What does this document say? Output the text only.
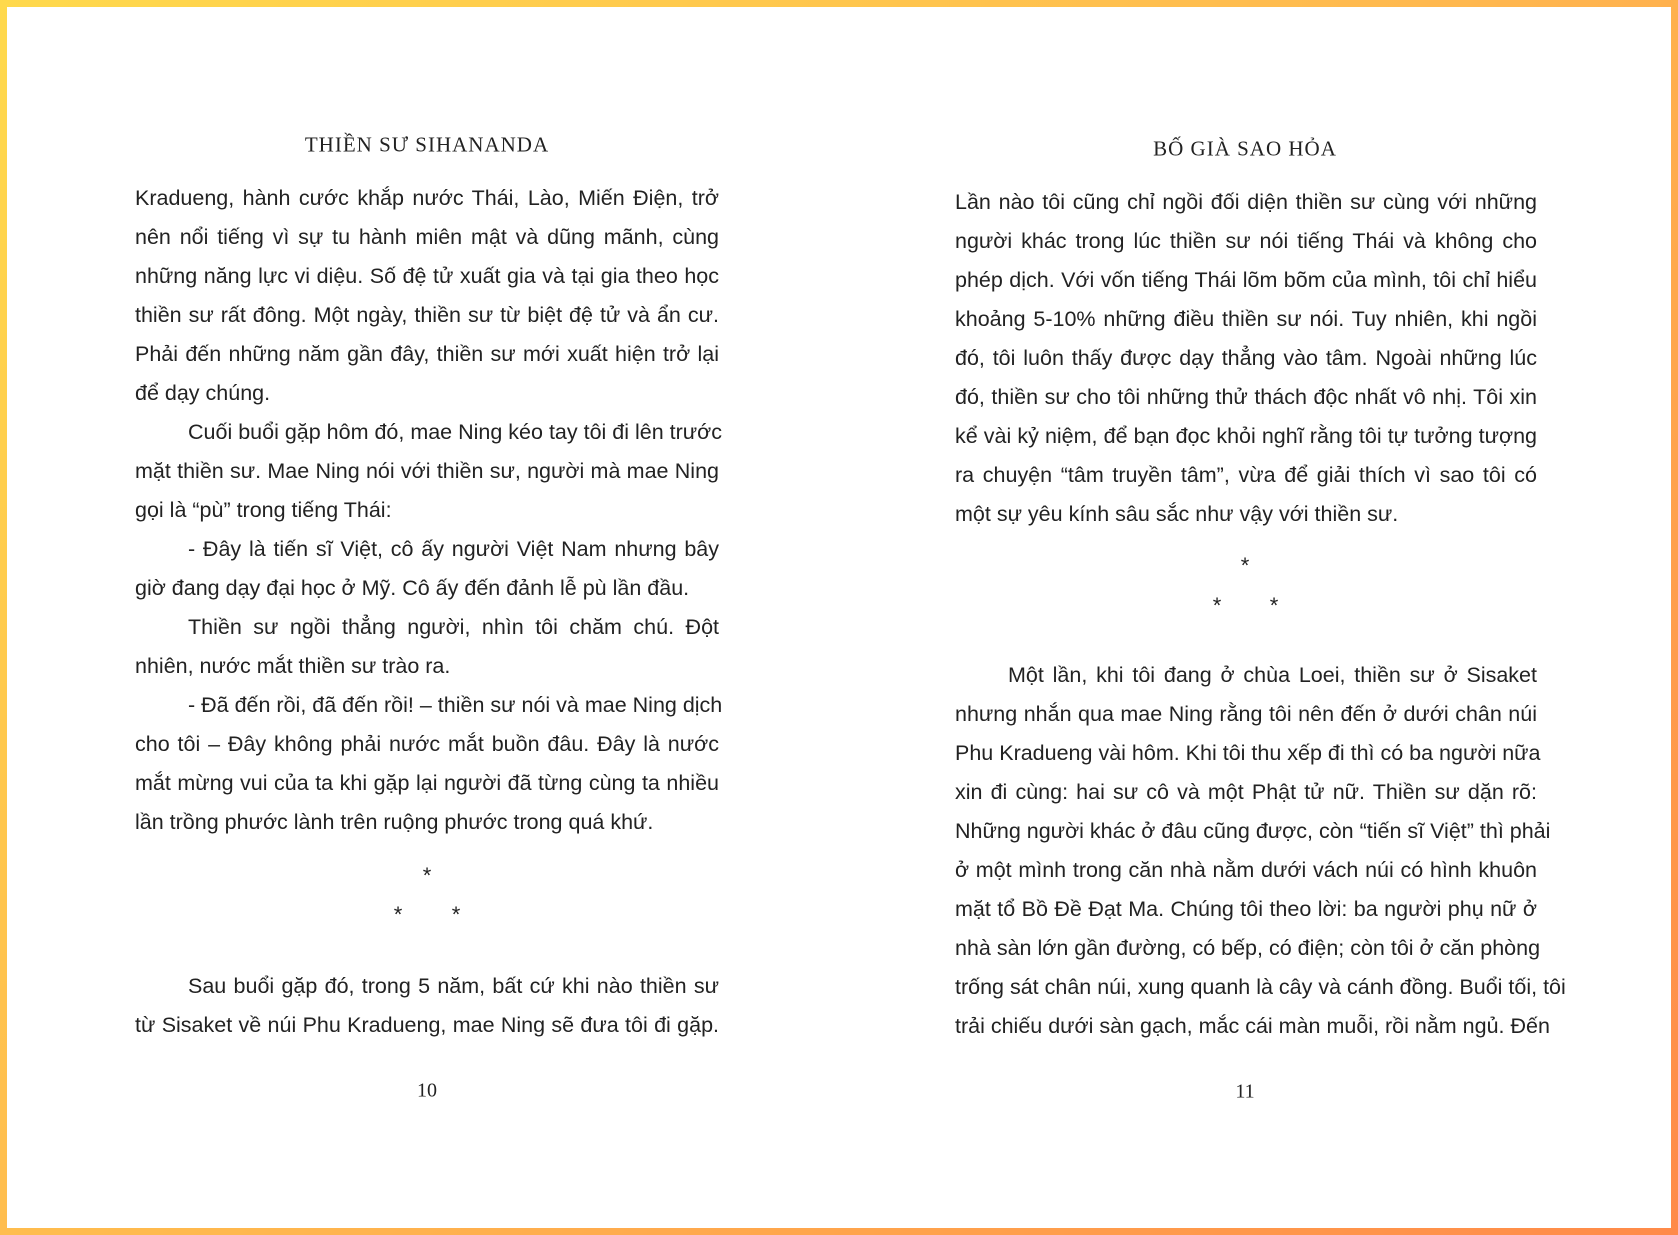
THIỀN SƯ SIHANANDA
Kradueng, hành cước khắp nước Thái, Lào, Miến Điện, trở
nên nổi tiếng vì sự tu hành miên mật và dũng mãnh, cùng
những năng lực vi diệu. Số đệ tử xuất gia và tại gia theo học
thiền sư rất đông. Một ngày, thiền sư từ biệt đệ tử và ẩn cư.
Phải đến những năm gần đây, thiền sư mới xuất hiện trở lại
để dạy chúng.
Cuối buổi gặp hôm đó, mae Ning kéo tay tôi đi lên trước
mặt thiền sư. Mae Ning nói với thiền sư, người mà mae Ning
gọi là “pù” trong tiếng Thái:
- Đây là tiến sĩ Việt, cô ấy người Việt Nam nhưng bây
giờ đang dạy đại học ở Mỹ. Cô ấy đến đảnh lễ pù lần đầu.
Thiền sư ngồi thẳng người, nhìn tôi chăm chú. Đột
nhiên, nước mắt thiền sư trào ra.
- Đã đến rồi, đã đến rồi! – thiền sư nói và mae Ning dịch
cho tôi – Đây không phải nước mắt buồn đâu. Đây là nước
mắt mừng vui của ta khi gặp lại người đã từng cùng ta nhiều
lần trồng phước lành trên ruộng phước trong quá khứ.
*
* *
Sau buổi gặp đó, trong 5 năm, bất cứ khi nào thiền sư
từ Sisaket về núi Phu Kradueng, mae Ning sẽ đưa tôi đi gặp.
10
BỐ GIÀ SAO HỎA
Lần nào tôi cũng chỉ ngồi đối diện thiền sư cùng với những
người khác trong lúc thiền sư nói tiếng Thái và không cho
phép dịch. Với vốn tiếng Thái lõm bõm của mình, tôi chỉ hiểu
khoảng 5-10% những điều thiền sư nói. Tuy nhiên, khi ngồi
đó, tôi luôn thấy được dạy thẳng vào tâm. Ngoài những lúc
đó, thiền sư cho tôi những thử thách độc nhất vô nhị. Tôi xin
kể vài kỷ niệm, để bạn đọc khỏi nghĩ rằng tôi tự tưởng tượng
ra chuyện “tâm truyền tâm”, vừa để giải thích vì sao tôi có
một sự yêu kính sâu sắc như vậy với thiền sư.
*
* *
Một lần, khi tôi đang ở chùa Loei, thiền sư ở Sisaket
nhưng nhắn qua mae Ning rằng tôi nên đến ở dưới chân núi
Phu Kradueng vài hôm. Khi tôi thu xếp đi thì có ba người nữa
xin đi cùng: hai sư cô và một Phật tử nữ. Thiền sư dặn rõ:
Những người khác ở đâu cũng được, còn “tiến sĩ Việt” thì phải
ở một mình trong căn nhà nằm dưới vách núi có hình khuôn
mặt tổ Bồ Đề Đạt Ma. Chúng tôi theo lời: ba người phụ nữ ở
nhà sàn lớn gần đường, có bếp, có điện; còn tôi ở căn phòng
trống sát chân núi, xung quanh là cây và cánh đồng. Buổi tối, tôi
trải chiếu dưới sàn gạch, mắc cái màn muỗi, rồi nằm ngủ. Đến
11
